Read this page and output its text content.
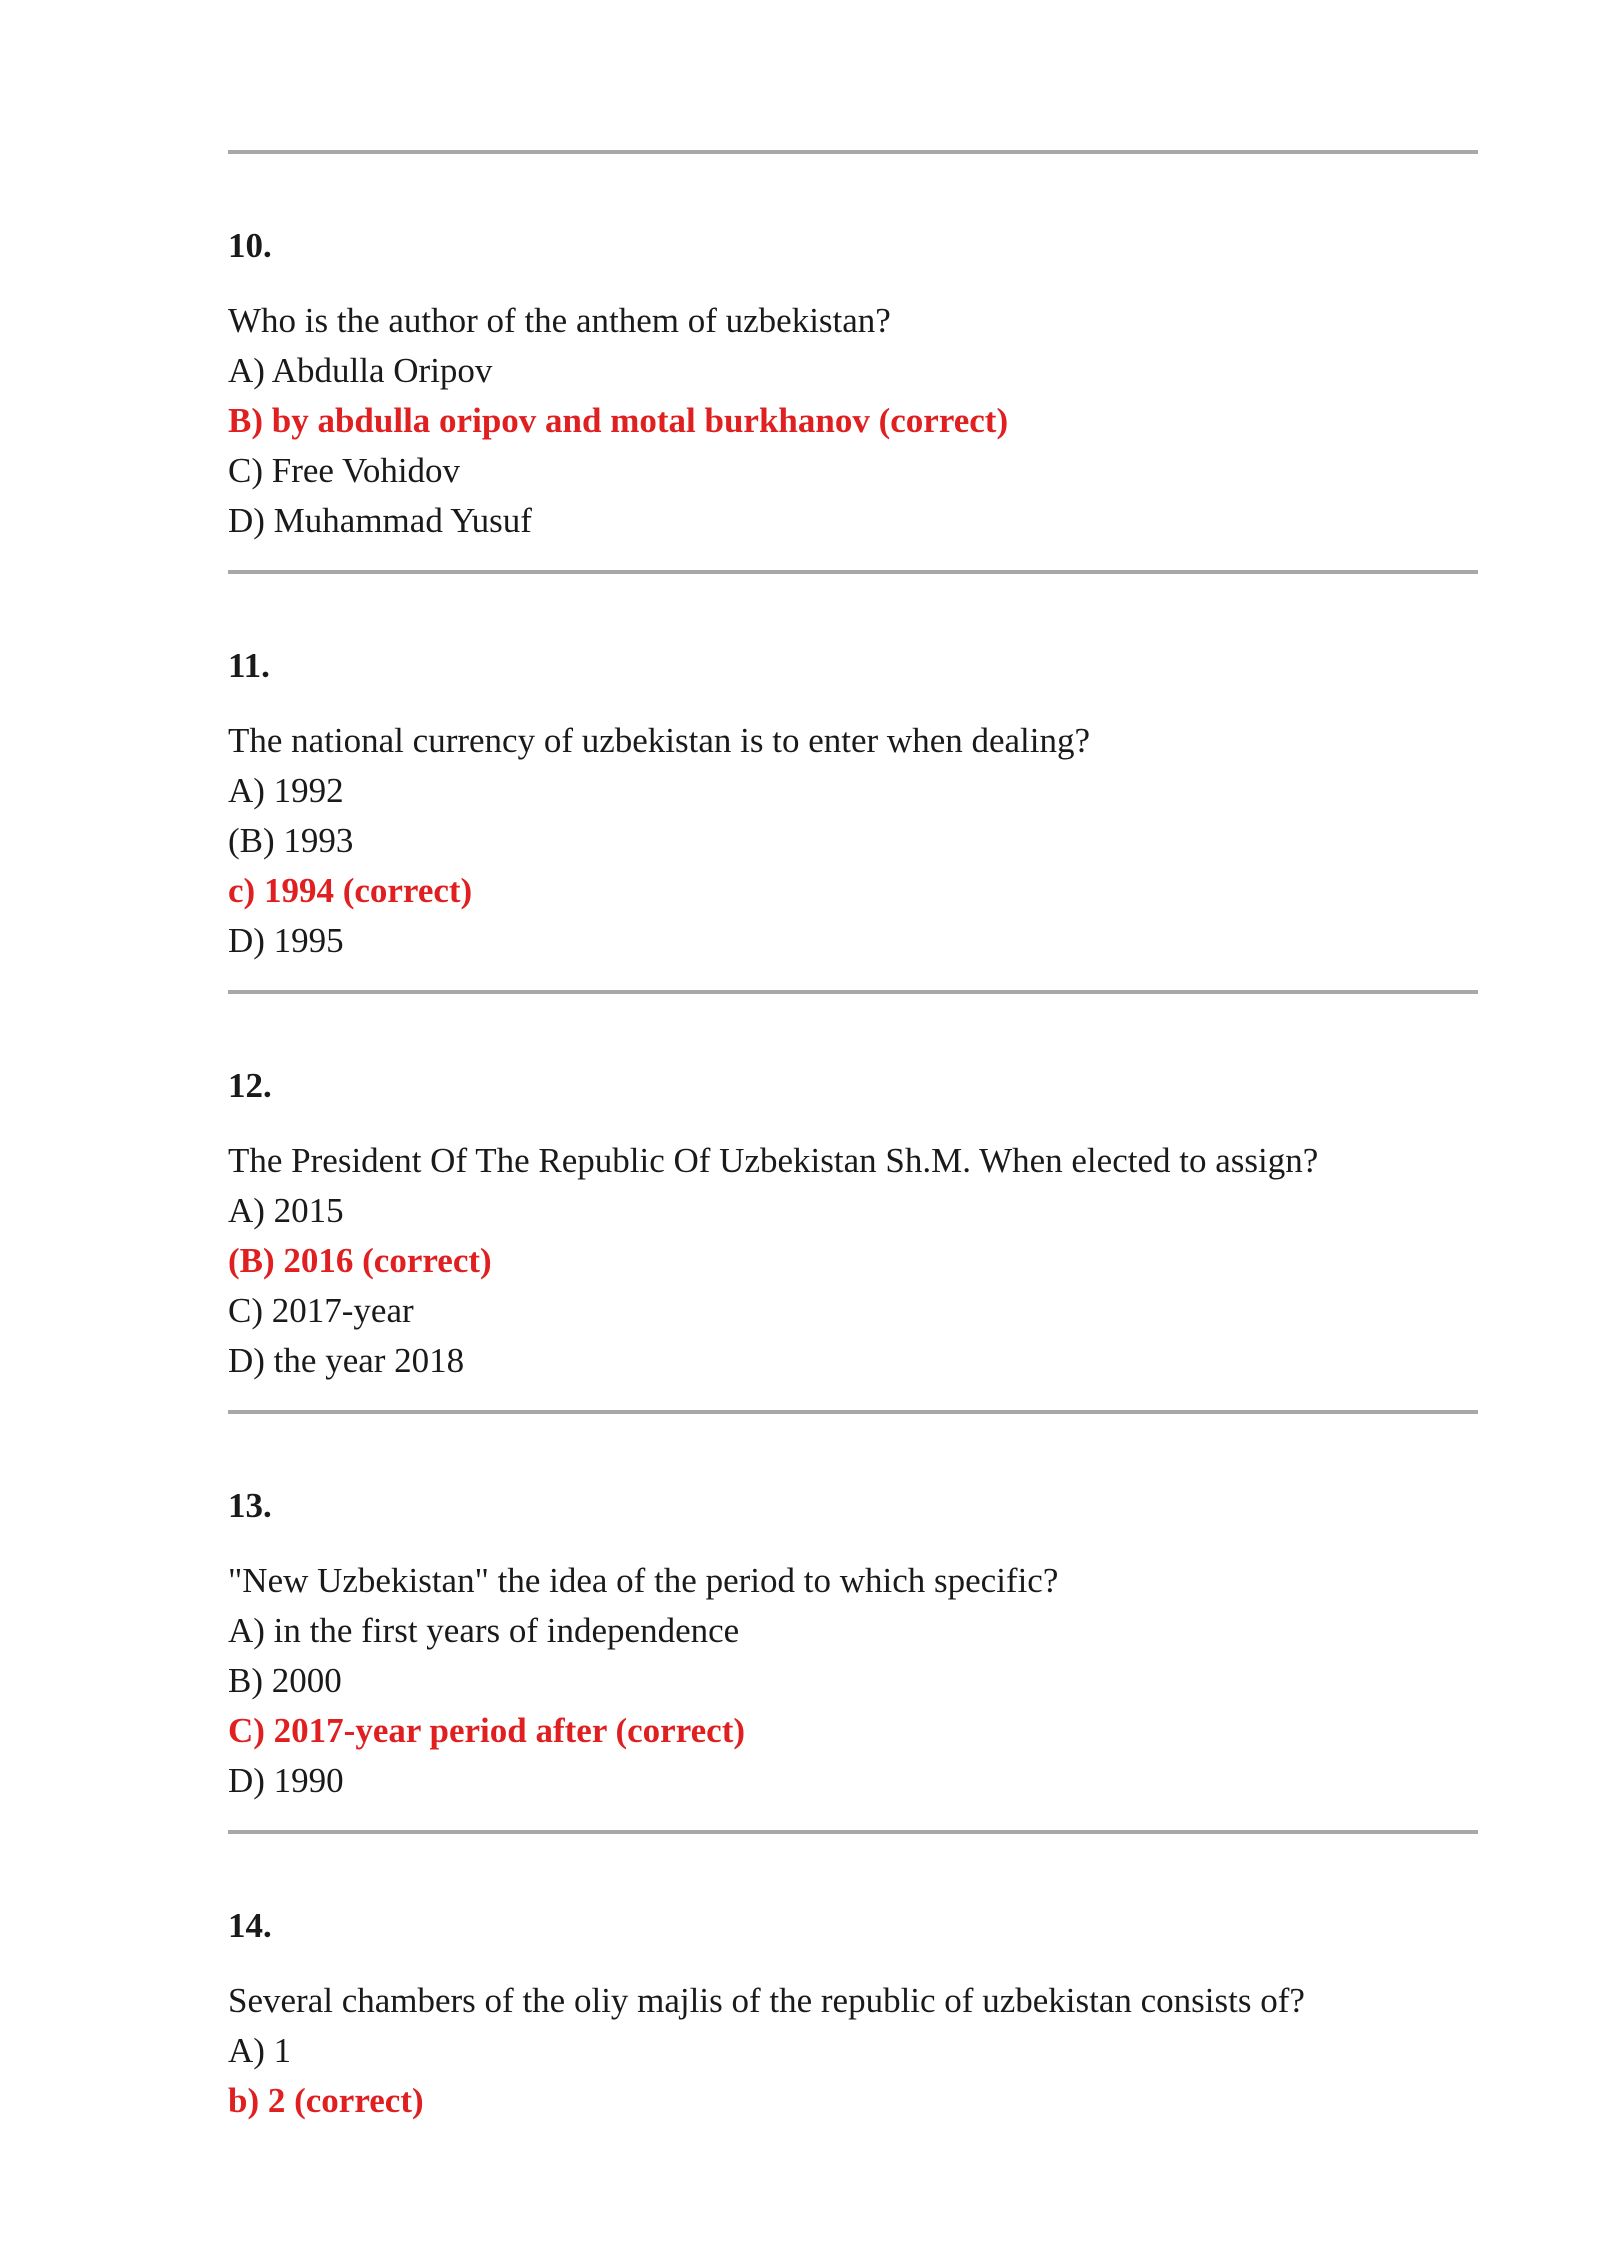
10.

Who is the author of the anthem of uzbekistan?

A) Abdulla Oripov

B) by abdulla oripov and motal burkhanov (correct)

C) Free Vohidov

D) Muhammad Yusuf

11.

The national currency of uzbekistan is to enter when dealing?

A) 1992

(B) 1993

c) 1994 (correct)

D) 1995

12.

The President Of The Republic Of Uzbekistan Sh.M. When elected to assign?

A) 2015

(B) 2016 (correct)

C) 2017-year

D) the year 2018

13.

"New Uzbekistan" the idea of the period to which specific?

A) in the first years of independence

B) 2000

C) 2017-year period after (correct)

D) 1990

14.

Several chambers of the oliy majlis of the republic of uzbekistan consists of?

A) 1

b) 2 (correct)
